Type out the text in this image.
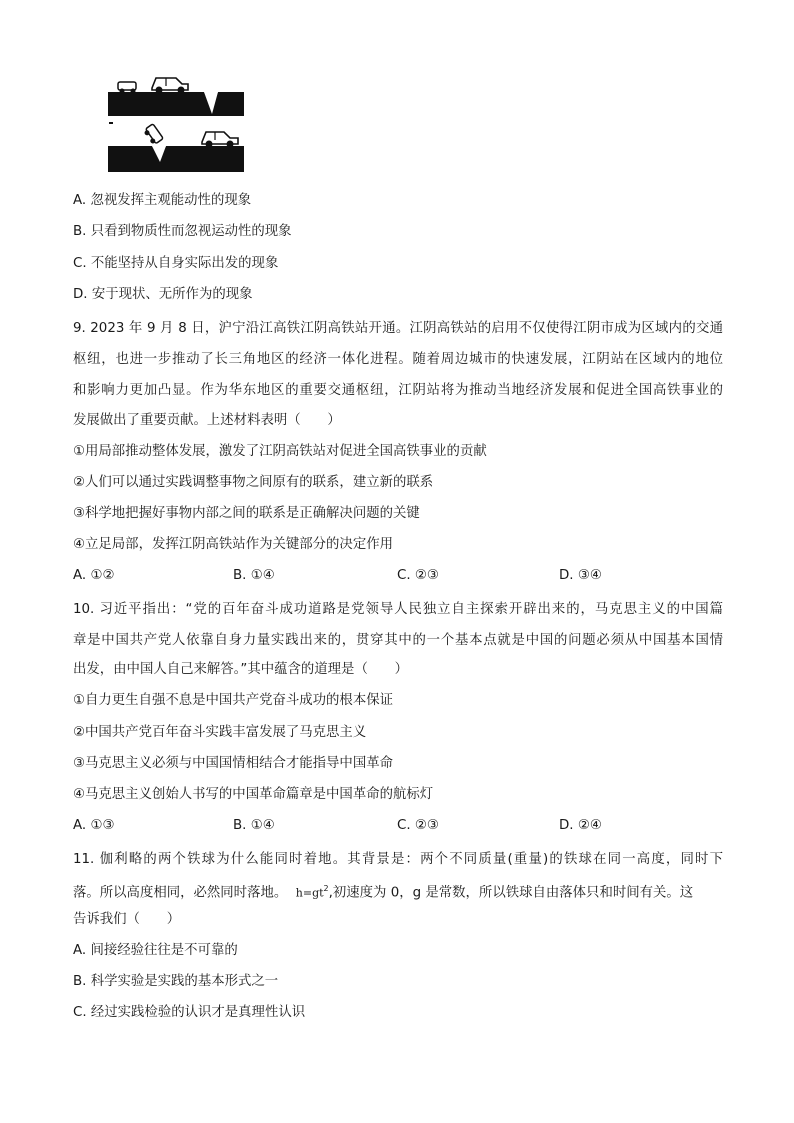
A. 忽视发挥主观能动性的现象
B. 只看到物质性而忽视运动性的现象
C. 不能坚持从自身实际出发的现象
D. 安于现状、无所作为的现象
9. 2023 年 9 月 8 日，沪宁沿江高铁江阴高铁站开通。江阴高铁站的启用不仅使得江阴市成为区域内的交通
枢纽，也进一步推动了长三角地区的经济一体化进程。随着周边城市的快速发展，江阴站在区域内的地位
和影响力更加凸显。作为华东地区的重要交通枢纽，江阴站将为推动当地经济发展和促进全国高铁事业的
发展做出了重要贡献。上述材料表明（　　）
①用局部推动整体发展，激发了江阴高铁站对促进全国高铁事业的贡献
②人们可以通过实践调整事物之间原有的联系，建立新的联系
③科学地把握好事物内部之间的联系是正确解决问题的关键
④立足局部，发挥江阴高铁站作为关键部分的决定作用
A. ①②	B. ①④	C. ②③	D. ③④
10. 习近平指出：“党的百年奋斗成功道路是党领导人民独立自主探索开辟出来的，马克思主义的中国篇
章是中国共产党人依靠自身力量实践出来的，贯穿其中的一个基本点就是中国的问题必须从中国基本国情
出发，由中国人自己来解答。”其中蕴含的道理是（　　）
①自力更生自强不息是中国共产党奋斗成功的根本保证
②中国共产党百年奋斗实践丰富发展了马克思主义
③马克思主义必须与中国国情相结合才能指导中国革命
④马克思主义创始人书写的中国革命篇章是中国革命的航标灯
A. ①③	B. ①④	C. ②③	D. ②④
11. 伽利略的两个铁球为什么能同时着地。其背景是：两个不同质量(重量)的铁球在同一高度，同时下
落。所以高度相同，必然同时落地。 $h=gt^2$,初速度为 0，g 是常数，所以铁球自由落体只和时间有关。这
告诉我们（　　）
A. 间接经验往往是不可靠的
B. 科学实验是实践的基本形式之一
C. 经过实践检验的认识才是真理性认识
